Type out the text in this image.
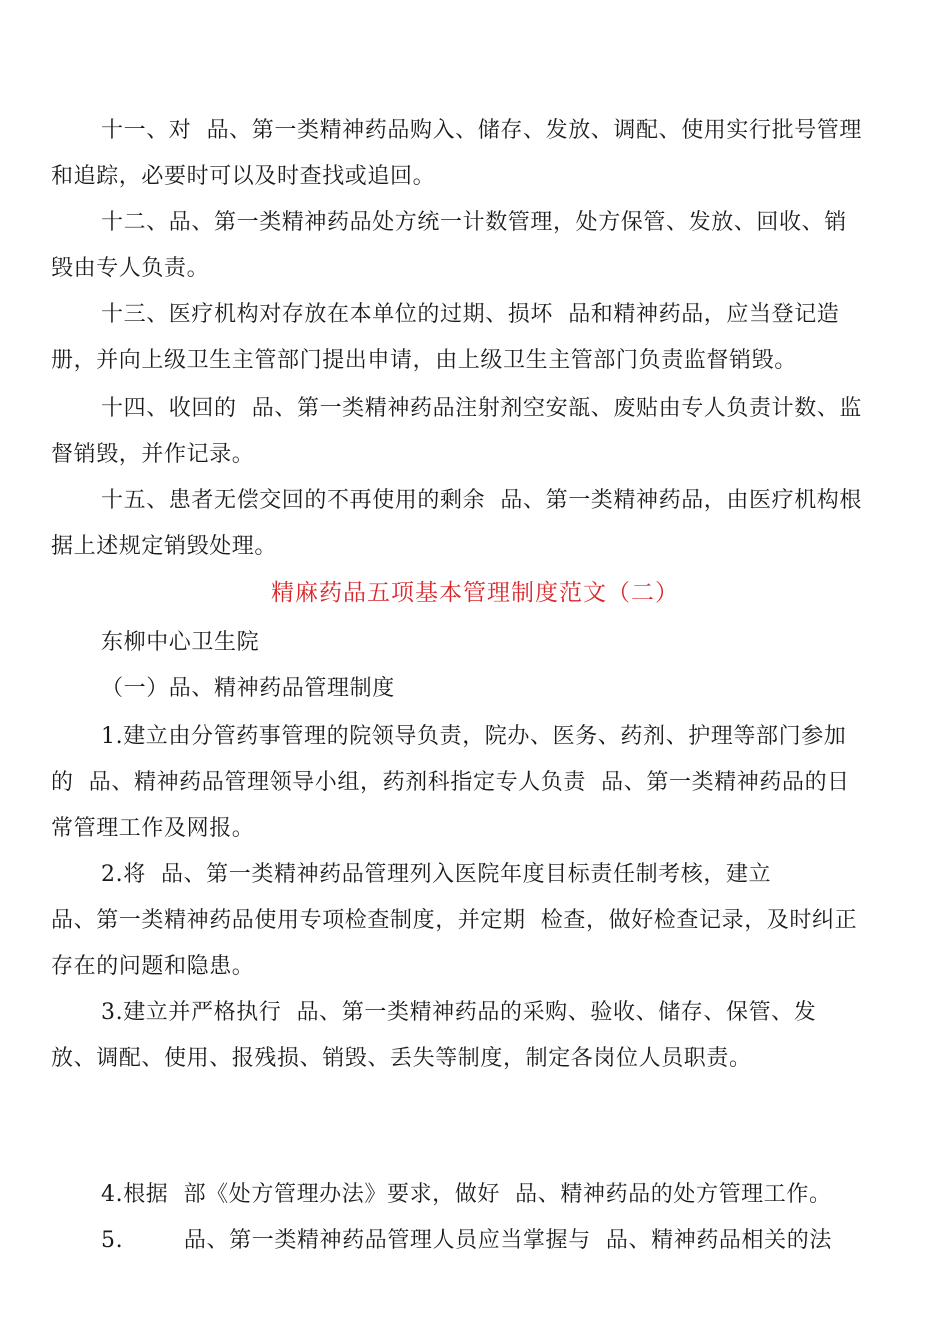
十一、对  品、第一类精神药品购入、储存、发放、调配、使用实行批号管理
和追踪，必要时可以及时查找或追回。
十二、品、第一类精神药品处方统一计数管理，处方保管、发放、回收、销
毁由专人负责。
十三、医疗机构对存放在本单位的过期、损坏  品和精神药品，应当登记造
册，并向上级卫生主管部门提出申请，由上级卫生主管部门负责监督销毁。
十四、收回的  品、第一类精神药品注射剂空安瓿、废贴由专人负责计数、监
督销毁，并作记录。
十五、患者无偿交回的不再使用的剩余  品、第一类精神药品，由医疗机构根
据上述规定销毁处理。
精麻药品五项基本管理制度范文（二）
东柳中心卫生院
（一）品、精神药品管理制度
1.建立由分管药事管理的院领导负责，院办、医务、药剂、护理等部门参加
的  品、精神药品管理领导小组，药剂科指定专人负责  品、第一类精神药品的日
常管理工作及网报。
2.将  品、第一类精神药品管理列入医院年度目标责任制考核，建立
品、第一类精神药品使用专项检查制度，并定期  检查，做好检查记录，及时纠正
存在的问题和隐患。
3.建立并严格执行  品、第一类精神药品的采购、验收、储存、保管、发
放、调配、使用、报残损、销毁、丢失等制度，制定各岗位人员职责。
4.根据  部《处方管理办法》要求，做好  品、精神药品的处方管理工作。
5.        品、第一类精神药品管理人员应当掌握与  品、精神药品相关的法
